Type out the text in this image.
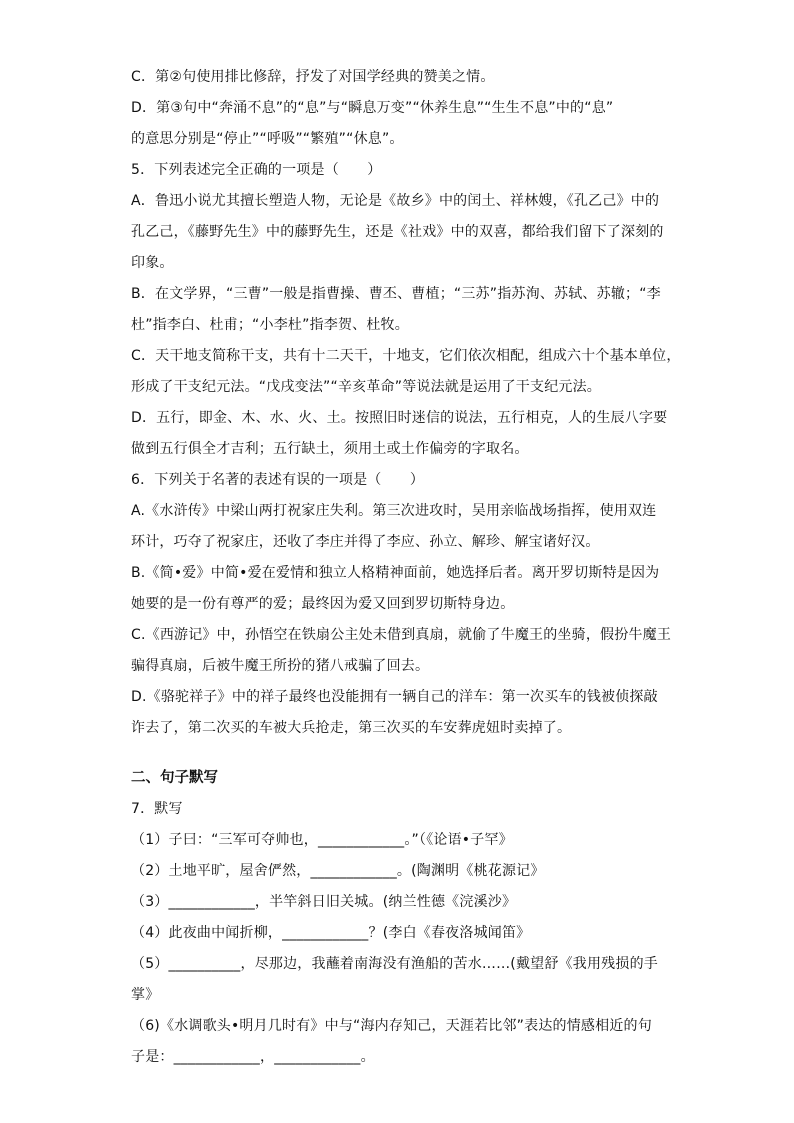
C．第②句使用排比修辞，抒发了对国学经典的赞美之情。
D．第③句中“奔涌不息”的“息”与“瞬息万变”“休养生息”“生生不息”中的“息”
的意思分别是“停止”“呼吸”“繁殖”“休息”。
5．下列表述完全正确的一项是（　　）
A．鲁迅小说尤其擅长塑造人物，无论是《故乡》中的闰土、祥林嫂，《孔乙己》中的
孔乙己，《藤野先生》中的藤野先生，还是《社戏》中的双喜，都给我们留下了深刻的
印象。
B．在文学界，“三曹”一般是指曹操、曹丕、曹植；“三苏”指苏洵、苏轼、苏辙；“李
杜”指李白、杜甫；“小李杜”指李贺、杜牧。
C．天干地支简称干支，共有十二天干，十地支，它们依次相配，组成六十个基本单位，
形成了干支纪元法。“戊戌变法”“辛亥革命”等说法就是运用了干支纪元法。
D．五行，即金、木、水、火、土。按照旧时迷信的说法，五行相克，人的生辰八字要
做到五行俱全才吉利；五行缺土，须用土或土作偏旁的字取名。
6．下列关于名著的表述有误的一项是（　　）
A.《水浒传》中梁山两打祝家庄失利。第三次进攻时，吴用亲临战场指挥，使用双连
环计，巧夺了祝家庄，还收了李庄并得了李应、孙立、解珍、解宝诸好汉。
B.《简•爱》中简•爱在爱情和独立人格精神面前，她选择后者。离开罗切斯特是因为
她要的是一份有尊严的爱；最终因为爱又回到罗切斯特身边。
C.《西游记》中，孙悟空在铁扇公主处未借到真扇，就偷了牛魔王的坐骑，假扮牛魔王
骗得真扇，后被牛魔王所扮的猪八戒骗了回去。
D.《骆驼祥子》中的祥子最终也没能拥有一辆自己的洋车：第一次买车的钱被侦探敲
诈去了，第二次买的车被大兵抢走，第三次买的车安葬虎妞时卖掉了。
二、句子默写
7．默写
（1）子曰：“三军可夺帅也，____________。”（《论语•子罕》
（2）土地平旷，屋舍俨然，____________。(陶渊明《桃花源记》
（3）____________，半竿斜日旧关城。(纳兰性德《浣溪沙》
（4）此夜曲中闻折柳，____________？(李白《春夜洛城闻笛》
（5）__________，尽那边，我蘸着南海没有渔船的苦水……(戴望舒《我用残损的手
掌》
（6)《水调歌头•明月几时有》中与“海内存知己，天涯若比邻”表达的情感相近的句
子是：____________，____________。
